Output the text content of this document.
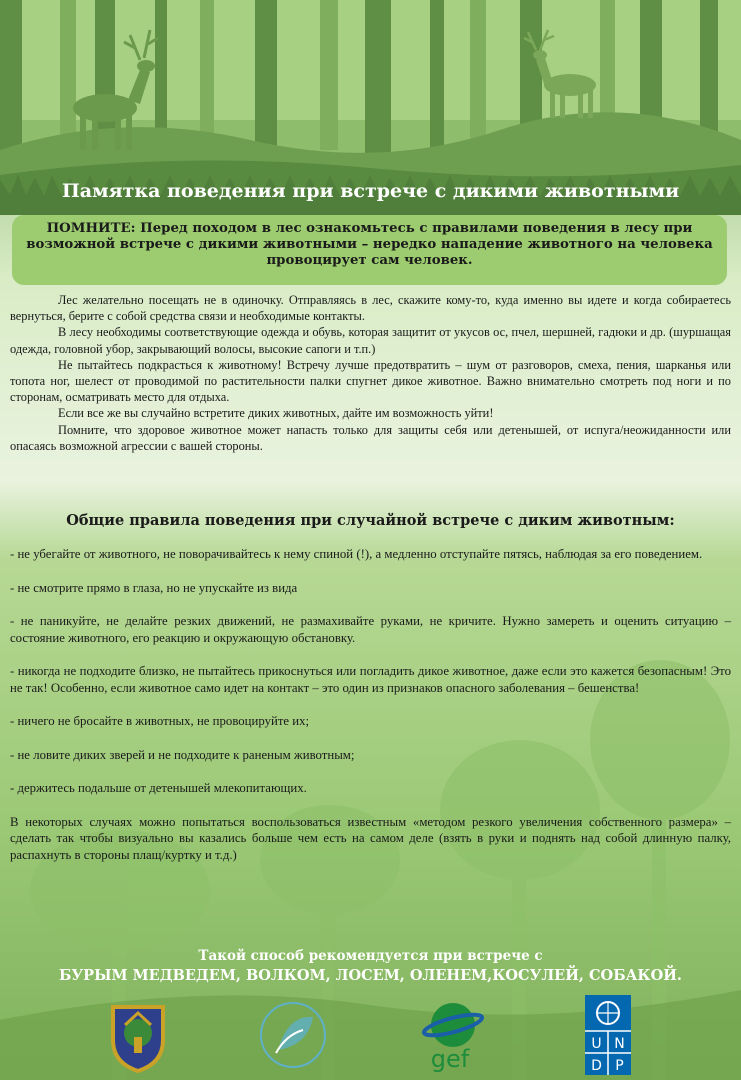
Памятка поведения при встрече с дикими животными
ПОМНИТЕ: Перед походом в лес ознакомьтесь с правилами поведения в лесу при возможной встрече с дикими животными – нередко нападение животного на человека провоцирует сам человек.

Лес желательно посещать не в одиночку. Отправляясь в лес, скажите кому-то, куда именно вы идете и когда собираетесь вернуться, берите с собой средства связи и необходимые контакты.

В лесу необходимы соответствующие одежда и обувь, которая защитит от укусов ос, пчел, шершней, гадюки и др. (шуршащая одежда, головной убор, закрывающий волосы, высокие сапоги и т.п.)

Не пытайтесь подкрасться к животному! Встречу лучше предотвратить – шум от разговоров, смеха, пения, шарканья или топота ног, шелест от проводимой по растительности палки спугнет дикое животное. Важно внимательно смотреть под ноги и по сторонам, осматривать место для отдыха.

Если все же вы случайно встретите диких животных, дайте им возможность уйти!

Помните, что здоровое животное может напасть только для защиты себя или детенышей, от испуга/неожиданности или опасаясь возможной агрессии с вашей стороны.

Общие правила поведения при случайной встрече с диким животным:

- не убегайте от животного, не поворачивайтесь к нему спиной (!), а медленно отступайте пятясь, наблюдая за его поведением.

- не смотрите прямо в глаза, но не упускайте из вида

- не паникуйте, не делайте резких движений, не размахивайте руками, не кричите. Нужно замереть и оценить ситуацию – состояние животного, его реакцию и окружающую обстановку.

- никогда не подходите близко, не пытайтесь прикоснуться или погладить дикое животное, даже если это кажется безопасным! Это не так! Особенно, если животное само идет на контакт – это один из признаков опасного заболевания – бешенства!

- ничего не бросайте в животных, не провоцируйте их;

- не ловите диких зверей и не подходите к раненым животным;

- держитесь подальше от детенышей млекопитающих.

В некоторых случаях можно попытаться воспользоваться известным «методом резкого увеличения собственного размера» – сделать так чтобы визуально вы казались больше чем есть на самом деле (взять в руки и поднять над собой длинную палку, распахнуть в стороны плащ/куртку и т.д.)

Такой способ рекомендуется при встрече с
БУРЫМ МЕДВЕДЕМ, ВОЛКОМ, ЛОСЕМ, ОЛЕНЕМ,КОСУЛЕЙ, СОБАКОЙ.
gef
U N
D P
